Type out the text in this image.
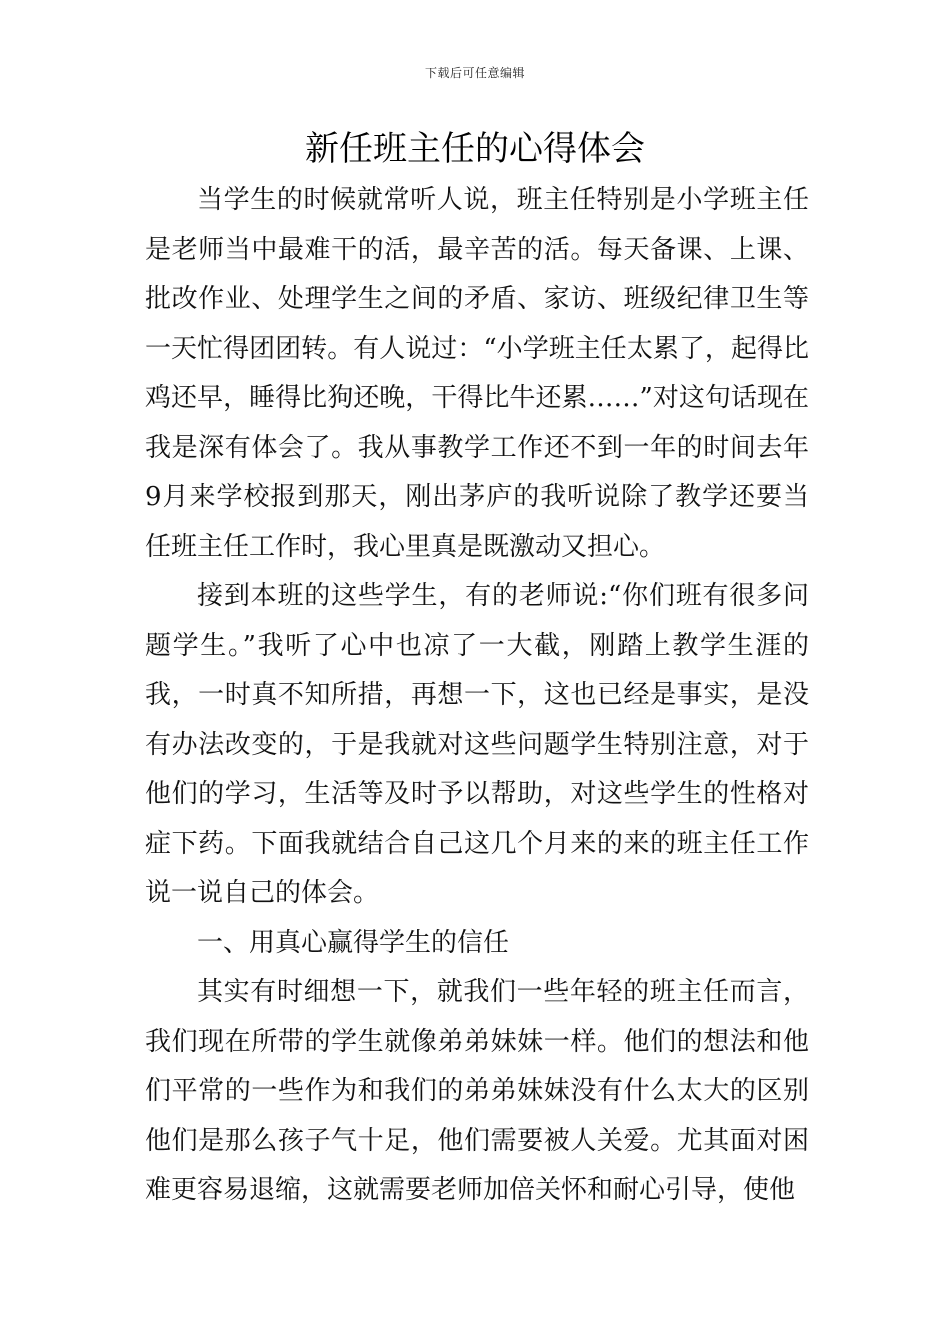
下载后可任意编辑
新任班主任的心得体会

当学生的时候就常听人说，班主任特别是小学班主任是老师当中最难干的活，最辛苦的活。每天备课、上课、批改作业、处理学生之间的矛盾、家访、班级纪律卫生等一天忙得团团转。有人说过：“小学班主任太累了，起得比鸡还早，睡得比狗还晚，干得比牛还累……”对这句话现在我是深有体会了。我从事教学工作还不到一年的时间去年9月来学校报到那天，刚出茅庐的我听说除了教学还要当任班主任工作时，我心里真是既激动又担心。

接到本班的这些学生，有的老师说:“你们班有很多问题学生。”我听了心中也凉了一大截，刚踏上教学生涯的我，一时真不知所措，再想一下，这也已经是事实，是没有办法改变的，于是我就对这些问题学生特别注意，对于他们的学习，生活等及时予以帮助，对这些学生的性格对症下药。下面我就结合自己这几个月来的来的班主任工作说一说自己的体会。

一、用真心赢得学生的信任

其实有时细想一下，就我们一些年轻的班主任而言，我们现在所带的学生就像弟弟妹妹一样。他们的想法和他们平常的一些作为和我们的弟弟妹妹没有什么太大的区别他们是那么孩子气十足，他们需要被人关爱。尤其面对困难更容易退缩，这就需要老师加倍关怀和耐心引导，使他
